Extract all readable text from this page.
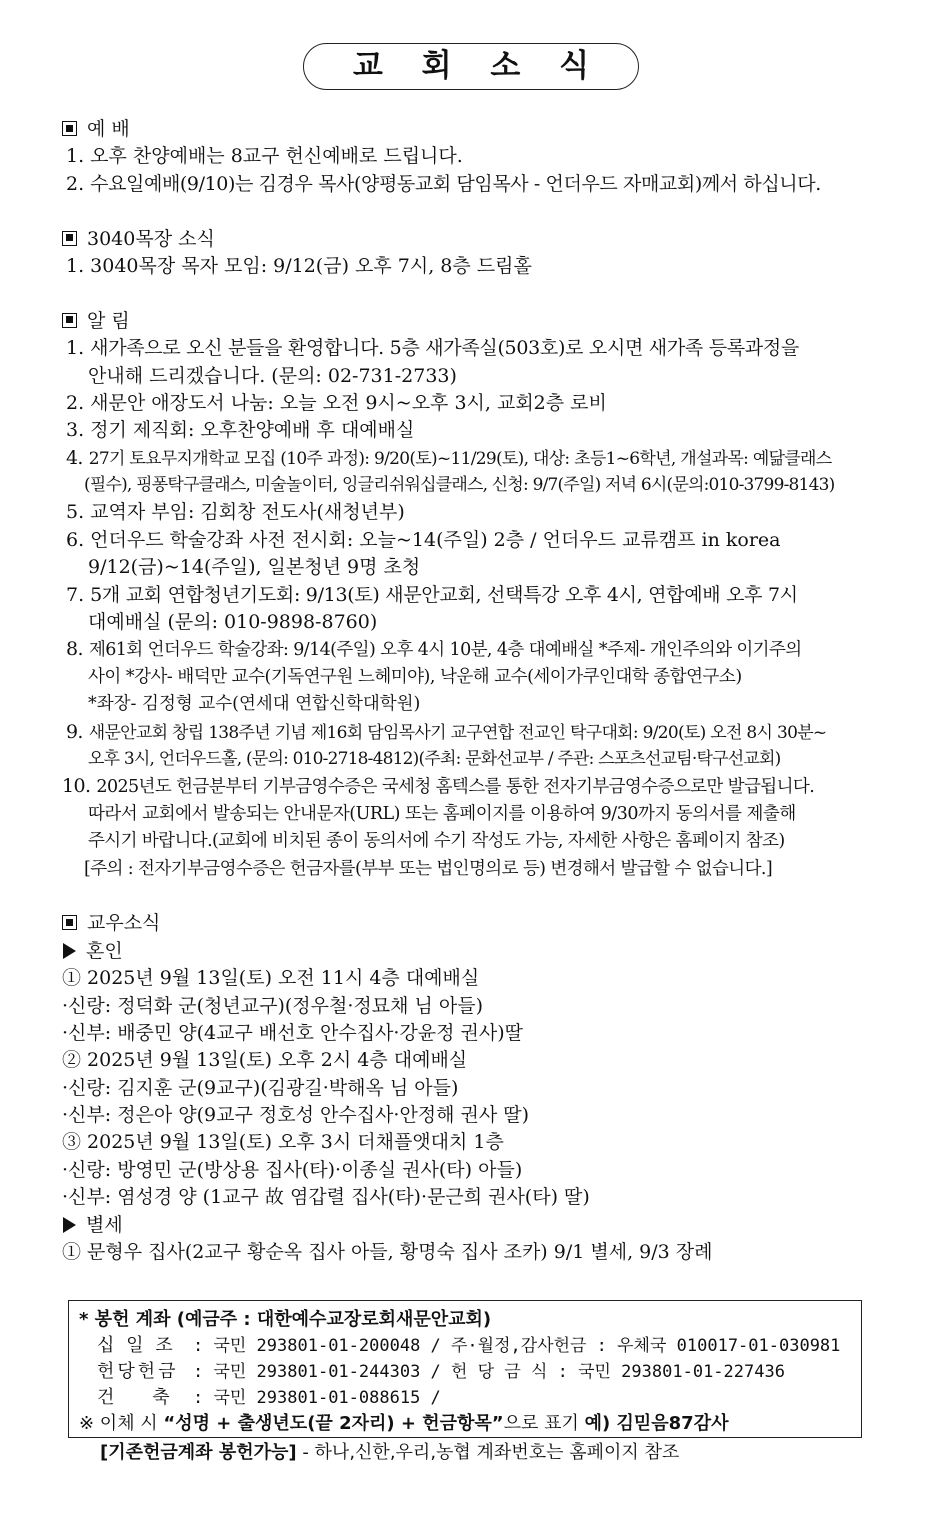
교 회 소 식
예 배
1. 오후 찬양예배는 8교구 헌신예배로 드립니다.
2. 수요일예배(9/10)는 김경우 목사(양평동교회 담임목사 - 언더우드 자매교회)께서 하십니다.
3040목장 소식
1. 3040목장 목자 모임: 9/12(금) 오후 7시, 8층 드림홀
알 림
1. 새가족으로 오신 분들을 환영합니다. 5층 새가족실(503호)로 오시면 새가족 등록과정을
안내해 드리겠습니다. (문의: 02-731-2733)
2. 새문안 애장도서 나눔: 오늘 오전 9시~오후 3시, 교회2층 로비
3. 정기 제직회: 오후찬양예배 후 대예배실
4. 27기 토요무지개학교 모집 (10주 과정): 9/20(토)~11/29(토), 대상: 초등1~6학년, 개설과목: 예닮클래스
(필수), 핑퐁탁구클래스, 미술놀이터, 잉글리쉬워십클래스, 신청: 9/7(주일) 저녁 6시(문의:010-3799-8143)
5. 교역자 부임: 김회창 전도사(새청년부)
6. 언더우드 학술강좌 사전 전시회: 오늘~14(주일) 2층 / 언더우드 교류캠프 in korea
9/12(금)~14(주일), 일본청년 9명 초청
7. 5개 교회 연합청년기도회: 9/13(토) 새문안교회, 선택특강 오후 4시, 연합예배 오후 7시
대예배실 (문의: 010-9898-8760)
8. 제61회 언더우드 학술강좌: 9/14(주일) 오후 4시 10분, 4층 대예배실 *주제- 개인주의와 이기주의
사이 *강사- 배덕만 교수(기독연구원 느헤미야), 낙운해 교수(세이가쿠인대학 종합연구소)
*좌장- 김정형 교수(연세대 연합신학대학원)
9. 새문안교회 창립 138주년 기념 제16회 담임목사기 교구연합 전교인 탁구대회: 9/20(토) 오전 8시 30분~
오후 3시, 언더우드홀, (문의: 010-2718-4812)(주최: 문화선교부 / 주관: 스포츠선교팀·탁구선교회)
10. 2025년도 헌금분부터 기부금영수증은 국세청 홈텍스를 통한 전자기부금영수증으로만 발급됩니다.
따라서 교회에서 발송되는 안내문자(URL) 또는 홈페이지를 이용하여 9/30까지 동의서를 제출해
주시기 바랍니다.(교회에 비치된 종이 동의서에 수기 작성도 가능, 자세한 사항은 홈페이지 참조)
[주의 : 전자기부금영수증은 헌금자를(부부 또는 법인명의로 등) 변경해서 발급할 수 없습니다.]
교우소식
혼인
① 2025년 9월 13일(토) 오전 11시 4층 대예배실
·신랑: 정덕화 군(청년교구)(정우철·정묘채 님 아들)
·신부: 배중민 양(4교구 배선호 안수집사·강윤정 권사)딸
② 2025년 9월 13일(토) 오후 2시 4층 대예배실
·신랑: 김지훈 군(9교구)(김광길·박해옥 님 아들)
·신부: 정은아 양(9교구 정호성 안수집사·안정해 권사 딸)
③ 2025년 9월 13일(토) 오후 3시 더채플앳대치 1층
·신랑: 방영민 군(방상용 집사(타)·이종실 권사(타) 아들)
·신부: 염성경 양 (1교구 故 염갑렬 집사(타)·문근희 권사(타) 딸)
별세
① 문형우 집사(2교구 황순옥 집사 아들, 황명숙 집사 조카) 9/1 별세, 9/3 장례
* 봉헌 계좌 (예금주 : 대한예수교장로회새문안교회)
십 일 조 : 국민 293801-01-200048 / 주·월정,감사헌금 : 우체국 010017-01-030981
헌당헌금 : 국민 293801-01-244303 / 헌 당 금 식 : 국민 293801-01-227436
건    축 : 국민 293801-01-088615 /
※ 이체 시 “성명 + 출생년도(끝 2자리) + 헌금항목”으로 표기 예) 김믿음87감사
[기존헌금계좌 봉헌가능] - 하나,신한,우리,농협 계좌번호는 홈페이지 참조
